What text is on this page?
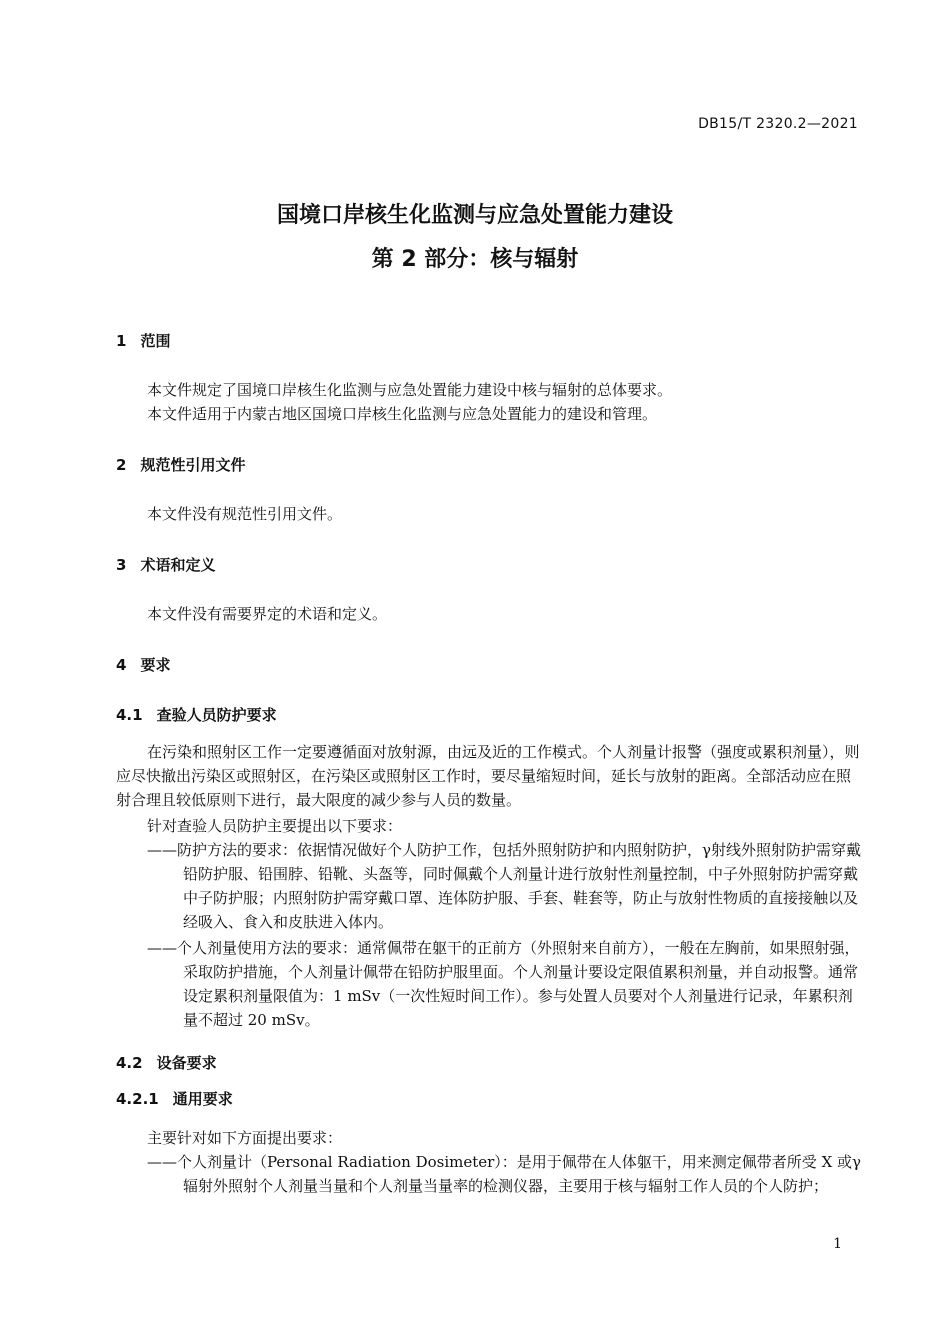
DB15/T 2320.2—2021
国境口岸核生化监测与应急处置能力建设
第 2 部分：核与辐射
1 范围
本文件规定了国境口岸核生化监测与应急处置能力建设中核与辐射的总体要求。
本文件适用于内蒙古地区国境口岸核生化监测与应急处置能力的建设和管理。
2 规范性引用文件
本文件没有规范性引用文件。
3 术语和定义
本文件没有需要界定的术语和定义。
4 要求
4.1 查验人员防护要求
在污染和照射区工作一定要遵循面对放射源，由远及近的工作模式。个人剂量计报警（强度或累积剂量），则应尽快撤出污染区或照射区，在污染区或照射区工作时，要尽量缩短时间，延长与放射的距离。全部活动应在照射合理且较低原则下进行，最大限度的减少参与人员的数量。
针对查验人员防护主要提出以下要求：
——防护方法的要求：依据情况做好个人防护工作，包括外照射防护和内照射防护，γ射线外照射防护需穿戴铅防护服、铅围脖、铅靴、头盔等，同时佩戴个人剂量计进行放射性剂量控制，中子外照射防护需穿戴中子防护服；内照射防护需穿戴口罩、连体防护服、手套、鞋套等，防止与放射性物质的直接接触以及经吸入、食入和皮肤进入体内。
——个人剂量使用方法的要求：通常佩带在躯干的正前方（外照射来自前方），一般在左胸前，如果照射强，采取防护措施，个人剂量计佩带在铅防护服里面。个人剂量计要设定限值累积剂量，并自动报警。通常设定累积剂量限值为：1 mSv（一次性短时间工作）。参与处置人员要对个人剂量进行记录，年累积剂量不超过 20 mSv。
4.2 设备要求
4.2.1 通用要求
主要针对如下方面提出要求：
——个人剂量计（Personal Radiation Dosimeter）：是用于佩带在人体躯干，用来测定佩带者所受 X 或γ辐射外照射个人剂量当量和个人剂量当量率的检测仪器，主要用于核与辐射工作人员的个人防护；
1
